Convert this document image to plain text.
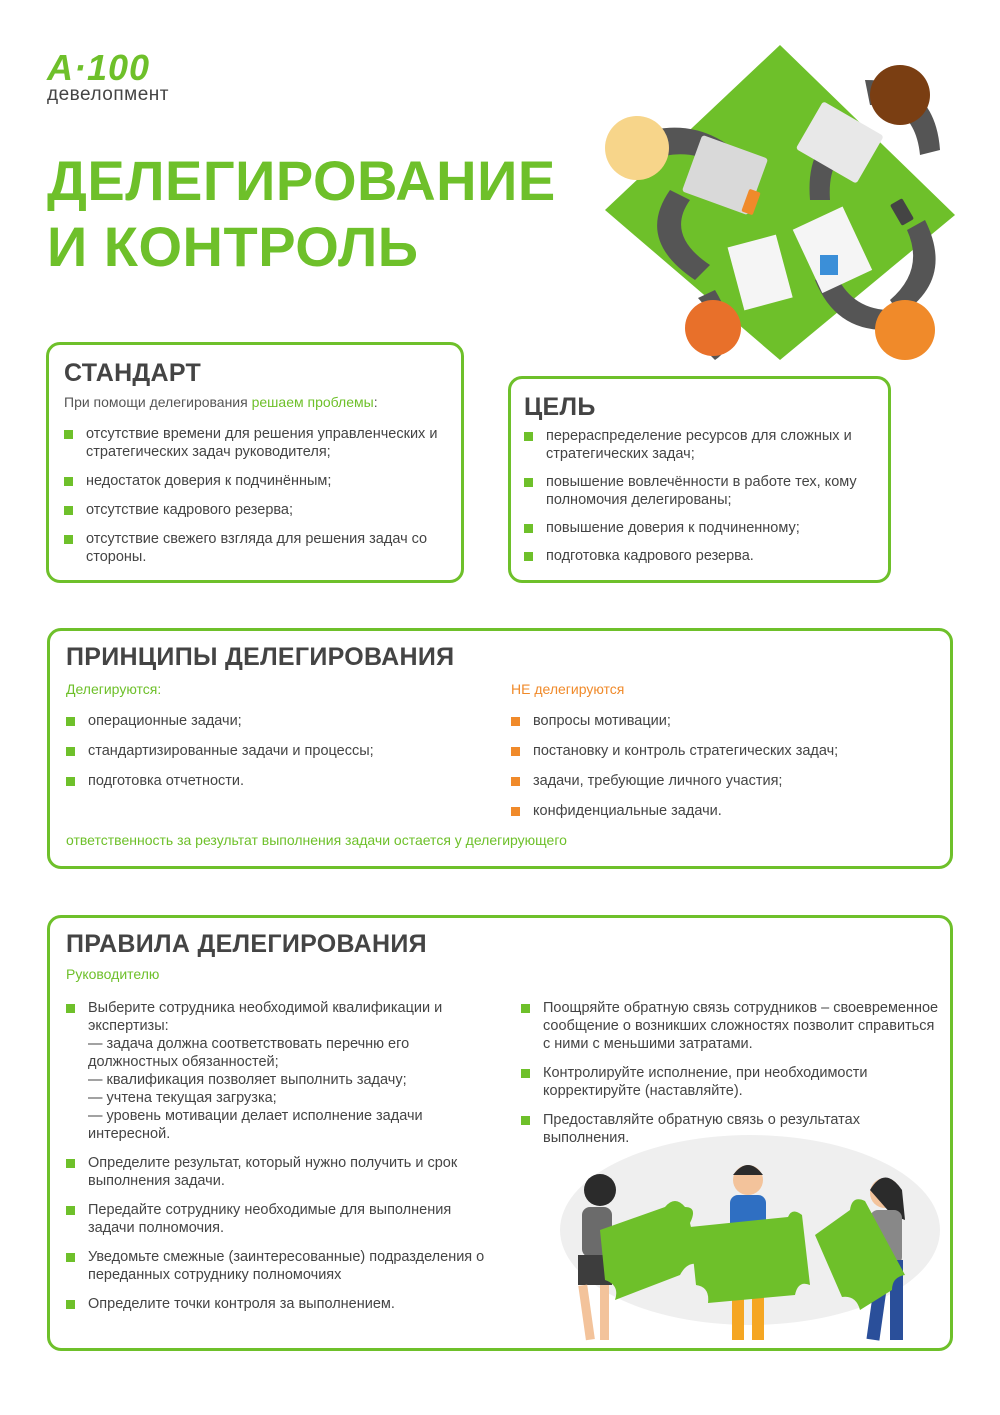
A·100
девелопмент
ДЕЛЕГИРОВАНИЕ
И КОНТРОЛЬ
СТАНДАРТ
При помощи делегирования решаем проблемы:
отсутствие времени для решения управленческих и стратегических задач руководителя;
недостаток доверия к подчинённым;
отсутствие кадрового резерва;
отсутствие свежего взгляда для решения задач со стороны.
ЦЕЛЬ
перераспределение ресурсов для сложных и стратегических задач;
повышение вовлечённости в работе тех, кому полномочия делегированы;
повышение доверия к подчиненному;
подготовка кадрового резерва.
ПРИНЦИПЫ ДЕЛЕГИРОВАНИЯ
Делегируются:	НЕ делегируются
операционные задачи;
стандартизированные задачи и процессы;
подготовка отчетности.
вопросы мотивации;
постановку и контроль стратегических задач;
задачи, требующие личного участия;
конфиденциальные задачи.
ответственность за результат выполнения задачи остается у делегирующего
ПРАВИЛА ДЕЛЕГИРОВАНИЯ
Руководителю
Выберите сотрудника необходимой квалификации и экспертизы:
— задача должна соответствовать перечню его должностных обязанностей;
— квалификация позволяет выполнить задачу;
— учтена текущая загрузка;
— уровень мотивации делает исполнение задачи интересной.
Определите результат, который нужно получить и срок выполнения задачи.
Передайте сотруднику необходимые для выполнения задачи полномочия.
Уведомьте смежные (заинтересованные) подразделения о переданных сотруднику полномочиях
Определите точки контроля за выполнением.
Поощряйте обратную связь сотрудников – своевременное сообщение о возникших сложностях позволит справиться с ними с меньшими затратами.
Контролируйте исполнение, при необходимости корректируйте (наставляйте).
Предоставляйте обратную связь о результатах выполнения.
